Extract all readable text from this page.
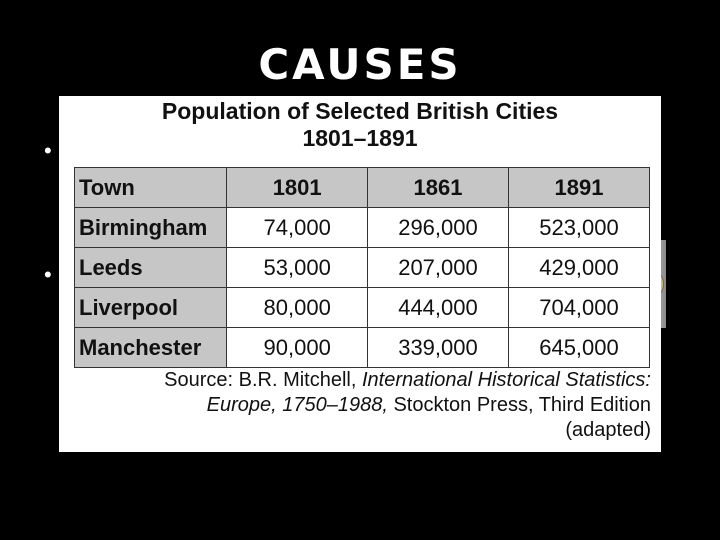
CAUSES
•
•
Population of Selected British Cities
1801–1891
Town	1801	1861	1891
Birmingham	74,000	296,000	523,000
Leeds	53,000	207,000	429,000
Liverpool	80,000	444,000	704,000
Manchester	90,000	339,000	645,000
Source: B.R. Mitchell, International Historical Statistics:
Europe, 1750–1988, Stockton Press, Third Edition
(adapted)
